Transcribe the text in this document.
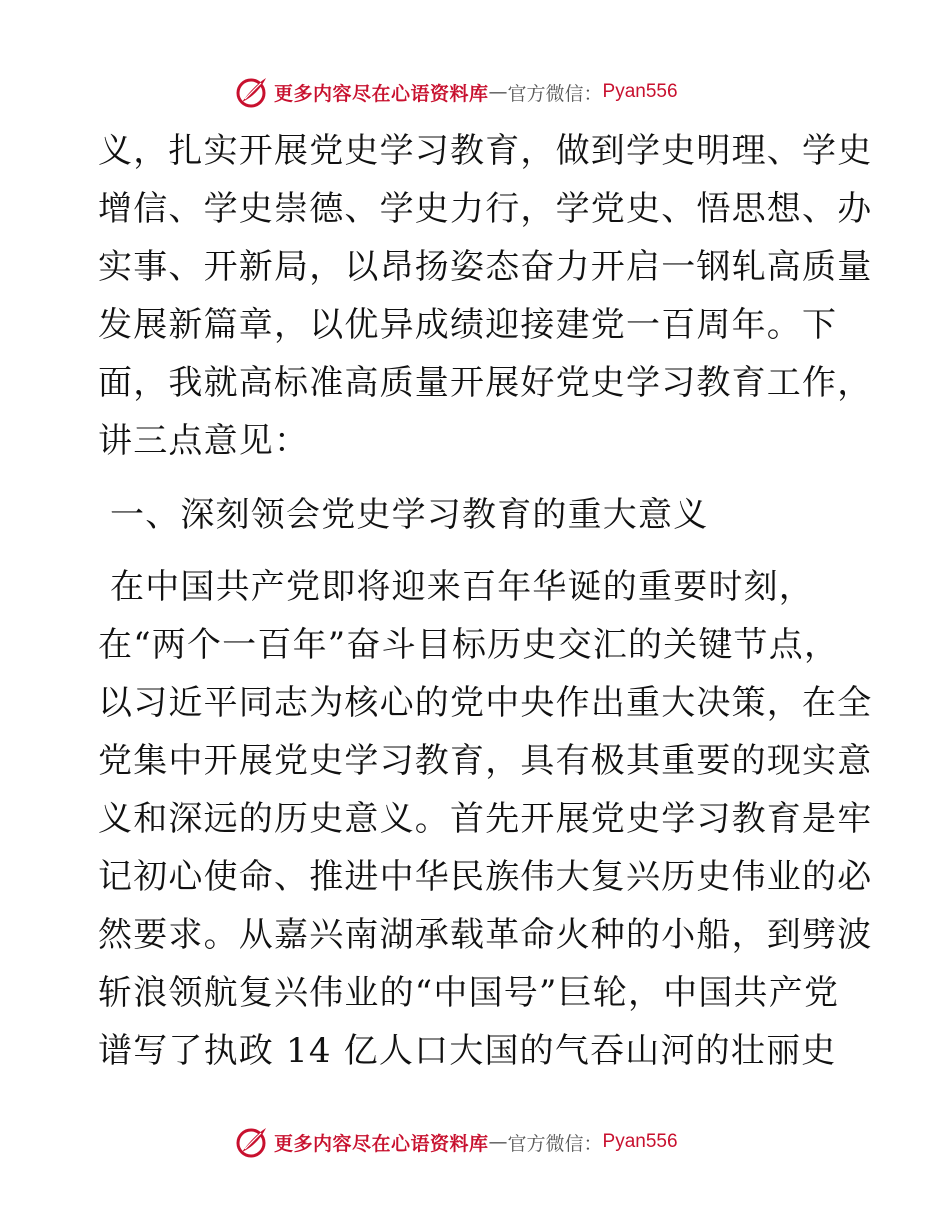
更多内容尽在心语资料库 — 官方微信： Pyan556
义，扎实开展党史学习教育，做到学史明理、学史
增信、学史崇德、学史力行，学党史、悟思想、办
实事、开新局，以昂扬姿态奋力开启一钢轧高质量
发展新篇章，以优异成绩迎接建党一百周年。下
面，我就高标准高质量开展好党史学习教育工作，
讲三点意见：
一、深刻领会党史学习教育的重大意义
在中国共产党即将迎来百年华诞的重要时刻，
在“两个一百年”奋斗目标历史交汇的关键节点，
以习近平同志为核心的党中央作出重大决策，在全
党集中开展党史学习教育，具有极其重要的现实意
义和深远的历史意义。首先开展党史学习教育是牢
记初心使命、推进中华民族伟大复兴历史伟业的必
然要求。从嘉兴南湖承载革命火种的小船，到劈波
斩浪领航复兴伟业的“中国号”巨轮，中国共产党
谱写了执政 14 亿人口大国的气吞山河的壮丽史
更多内容尽在心语资料库 — 官方微信： Pyan556
